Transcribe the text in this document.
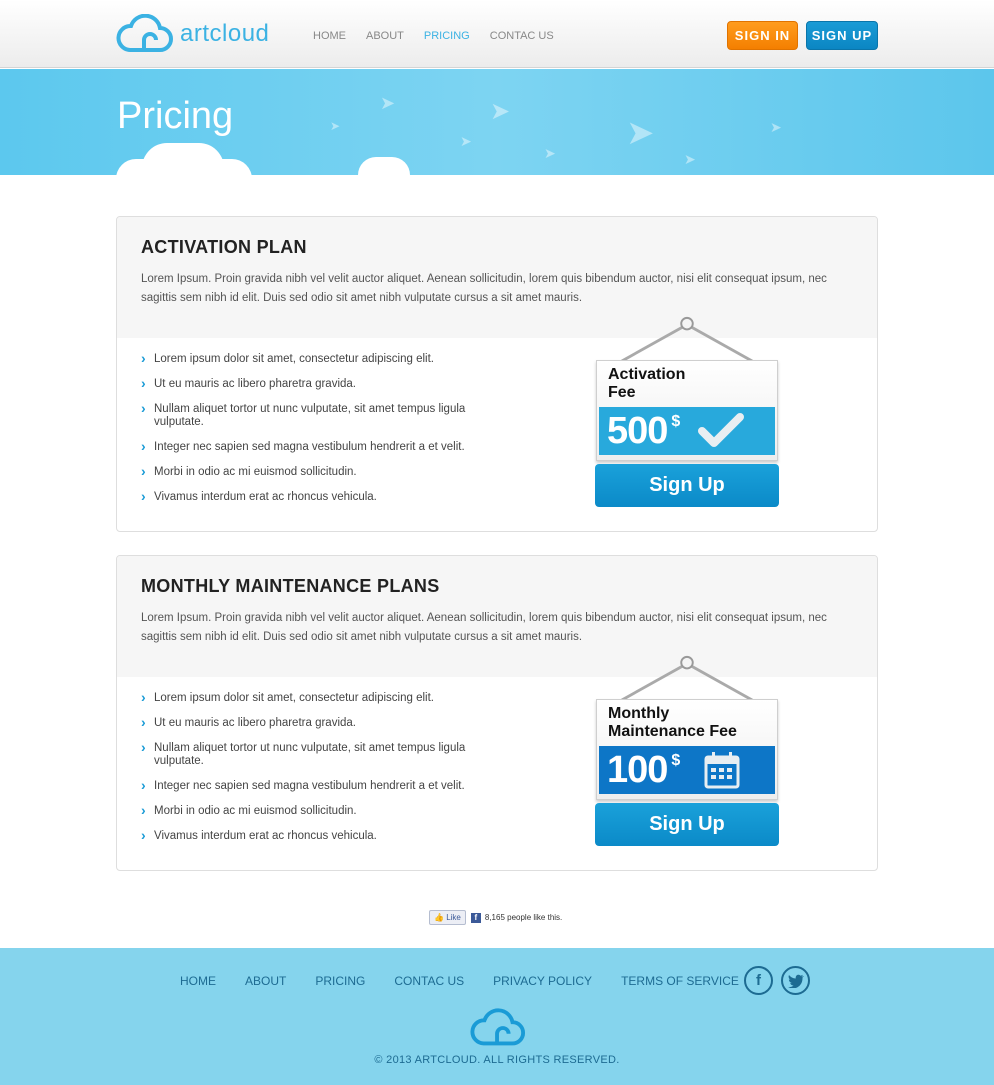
artcloud	HOME ABOUT PRICING CONTAC US	SIGN IN	SIGN UP
➤
➤
➤
➤
➤
➤
➤
➤
Pricing
ACTIVATION PLAN
Lorem Ipsum. Proin gravida nibh vel velit auctor aliquet. Aenean sollicitudin, lorem quis bibendum auctor, nisi elit consequat ipsum, nec sagittis sem nibh id elit. Duis sed odio sit amet nibh vulputate cursus a sit amet mauris.
› Lorem ipsum dolor sit amet, consectetur adipiscing elit.
› Ut eu mauris ac libero pharetra gravida.
› Nullam aliquet tortor ut nunc vulputate, sit amet tempus ligula vulputate.
› Integer nec sapien sed magna vestibulum hendrerit a et velit.
› Morbi in odio ac mi euismod sollicitudin.
› Vivamus interdum erat ac rhoncus vehicula.
Activation
Fee
500 $
Sign Up
MONTHLY MAINTENANCE PLANS
Lorem Ipsum. Proin gravida nibh vel velit auctor aliquet. Aenean sollicitudin, lorem quis bibendum auctor, nisi elit consequat ipsum, nec sagittis sem nibh id elit. Duis sed odio sit amet nibh vulputate cursus a sit amet mauris.
› Lorem ipsum dolor sit amet, consectetur adipiscing elit.
› Ut eu mauris ac libero pharetra gravida.
› Nullam aliquet tortor ut nunc vulputate, sit amet tempus ligula vulputate.
› Integer nec sapien sed magna vestibulum hendrerit a et velit.
› Morbi in odio ac mi euismod sollicitudin.
› Vivamus interdum erat ac rhoncus vehicula.
Monthly
Maintenance Fee
100 $
Sign Up
👍 Like	f 8,165 people like this.
HOME ABOUT PRICING CONTAC US PRIVACY POLICY TERMS OF SERVICE	f
© 2013 ARTCLOUD. ALL RIGHTS RESERVED.
